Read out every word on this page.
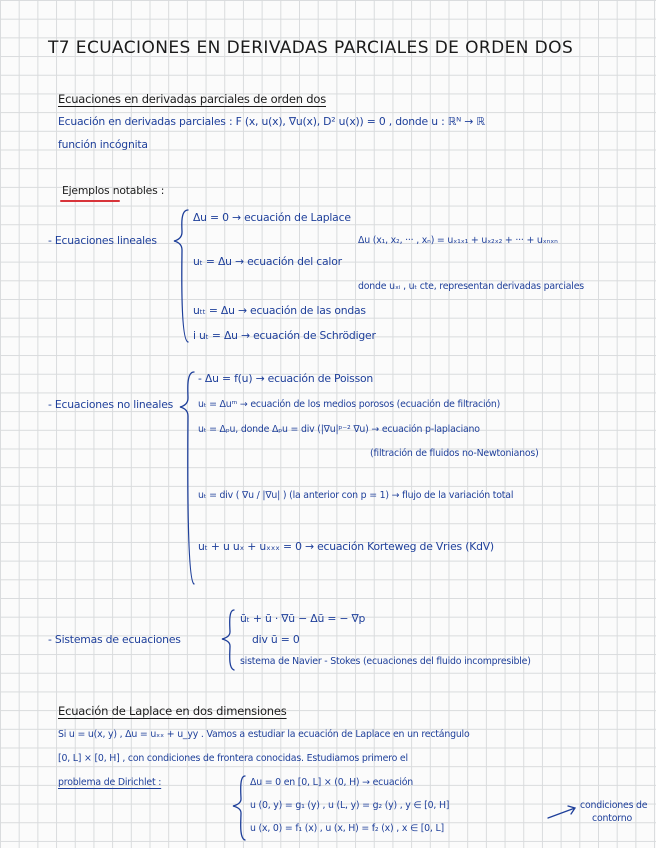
T7 ECUACIONES EN DERIVADAS PARCIALES DE ORDEN DOS
Ecuaciones en derivadas parciales de orden dos
Ecuación en derivadas parciales : F (x, u(x), ∇u(x), D² u(x)) = 0 , donde u : ℝᴺ → ℝ
función incógnita
Ejemplos notables :
- Ecuaciones lineales
Δu = 0 → ecuación de Laplace
Δu (x₁, x₂, ··· , xₙ) = uₓ₁ₓ₁ + uₓ₂ₓ₂ + ··· + uₓₙₓₙ
uₜ = Δu → ecuación del calor
donde uₓᵢ , uₜ cte, representan derivadas parciales
uₜₜ = Δu → ecuación de las ondas
i uₜ = Δu → ecuación de Schrödiger
- Ecuaciones no lineales
- Δu = f(u) → ecuación de Poisson
uₜ = Δuᵐ → ecuación de los medios porosos (ecuación de filtración)
uₜ = Δₚu, donde Δₚu = div (|∇u|ᵖ⁻² ∇u) → ecuación p-laplaciano
(filtración de fluidos no-Newtonianos)
uₜ = div ( ∇u / |∇u| ) (la anterior con p = 1) → flujo de la variación total
uₜ + u uₓ + uₓₓₓ = 0 → ecuación Korteweg de Vries (KdV)
- Sistemas de ecuaciones
ūₜ + ū · ∇ū − Δū = − ∇p
div ū = 0
sistema de Navier - Stokes (ecuaciones del fluido incompresible)
Ecuación de Laplace en dos dimensiones
Si u = u(x, y) , Δu = uₓₓ + u_yy . Vamos a estudiar la ecuación de Laplace en un rectángulo
[0, L] × [0, H] , con condiciones de frontera conocidas. Estudiamos primero el
problema de Dirichlet :	Δu = 0 en [0, L] × (0, H) → ecuación
u (0, y) = g₁ (y) , u (L, y) = g₂ (y) , y ∈ [0, H]
u (x, 0) = f₁ (x) , u (x, H) = f₂ (x) , x ∈ [0, L]
condiciones de
contorno
